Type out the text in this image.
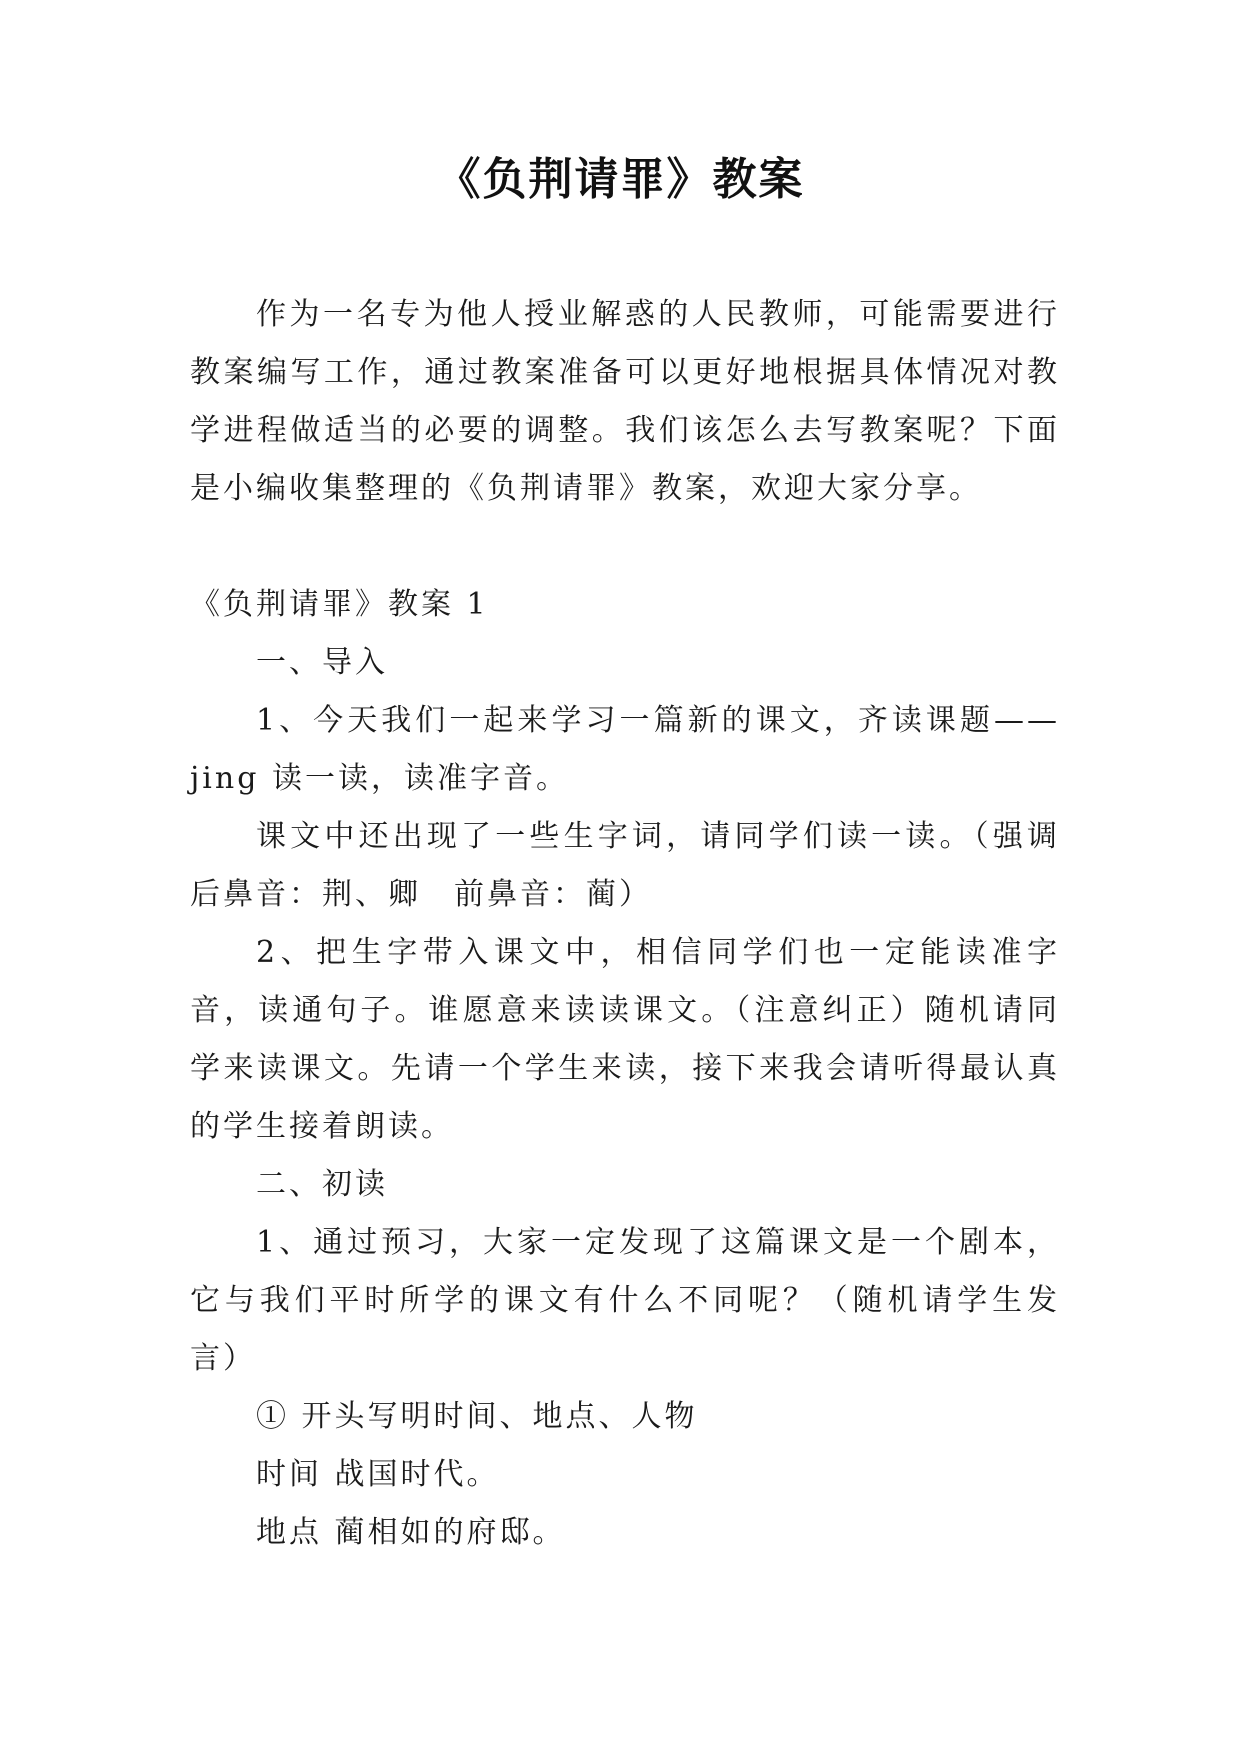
《负荆请罪》教案

作为一名专为他人授业解惑的人民教师，可能需要进行教案编写工作，通过教案准备可以更好地根据具体情况对教学进程做适当的必要的调整。我们该怎么去写教案呢？下面是小编收集整理的《负荆请罪》教案，欢迎大家分享。

《负荆请罪》教案 1

一、导入

1、今天我们一起来学习一篇新的课文，齐读课题——jing 读一读，读准字音。

课文中还出现了一些生字词，请同学们读一读。（强调后鼻音：荆、卿　前鼻音：蔺）

2、把生字带入课文中，相信同学们也一定能读准字音，读通句子。谁愿意来读读课文。（注意纠正）随机请同学来读课文。先请一个学生来读，接下来我会请听得最认真的学生接着朗读。

二、初读

1、通过预习，大家一定发现了这篇课文是一个剧本，它与我们平时所学的课文有什么不同呢？（随机请学生发言）

① 开头写明时间、地点、人物

时间 战国时代。

地点 蔺相如的府邸。
